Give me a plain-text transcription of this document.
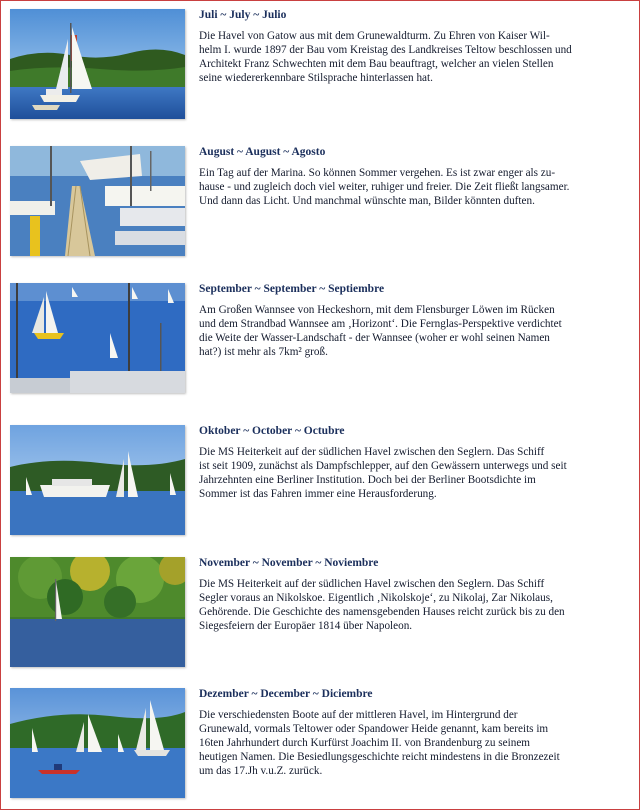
Juli ~ July ~ Julio

Die Havel von Gatow aus mit dem Grunewaldturm. Zu Ehren von Kaiser Wil-
helm I. wurde 1897 der Bau vom Kreistag des Landkreises Teltow beschlossen und
Architekt Franz Schwechten mit dem Bau beauftragt, welcher an vielen Stellen
seine wiedererkennbare Stilsprache hinterlassen hat.

August ~ August ~ Agosto

Ein Tag auf der Marina. So können Sommer vergehen. Es ist zwar enger als zu-
hause - und zugleich doch viel weiter, ruhiger und freier. Die Zeit fließt langsamer.
Und dann das Licht. Und manchmal wünschte man, Bilder könnten duften.

September ~ September ~ Septiembre

Am Großen Wannsee von Heckeshorn, mit dem Flensburger Löwen im Rücken
und dem Strandbad Wannsee am ‚Horizont‘. Die Fernglas-Perspektive verdichtet
die Weite der Wasser-Landschaft - der Wannsee (woher er wohl seinen Namen
hat?) ist mehr als 7km² groß.

Oktober ~ October ~ Octubre

Die MS Heiterkeit auf der südlichen Havel zwischen den Seglern. Das Schiff
ist seit 1909, zunächst als Dampfschlepper, auf den Gewässern unterwegs und seit
Jahrzehnten eine Berliner Institution. Doch bei der Berliner Bootsdichte im
Sommer ist das Fahren immer eine Herausforderung.

November ~ November ~ Noviembre

Die MS Heiterkeit auf der südlichen Havel zwischen den Seglern. Das Schiff
Segler voraus an Nikolskoe. Eigentlich ‚Nikolskoje‘, zu Nikolaj, Zar Nikolaus,
Gehörende. Die Geschichte des namensgebenden Hauses reicht zurück bis zu den
Siegesfeiern der Europäer 1814 über Napoleon.

Dezember ~ December ~ Diciembre

Die verschiedensten Boote auf der mittleren Havel, im Hintergrund der
Grunewald, vormals Teltower oder Spandower Heide genannt, kam bereits im
16ten Jahrhundert durch Kurfürst Joachim II. von Brandenburg zu seinem
heutigen Namen. Die Besiedlungsgeschichte reicht mindestens in die Bronzezeit
um das 17.Jh v.u.Z. zurück.
